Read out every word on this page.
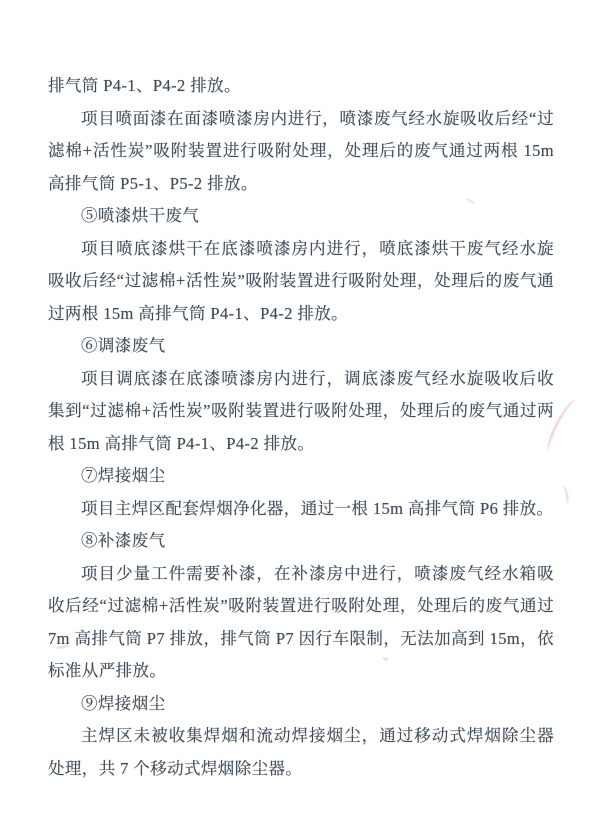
排气筒 P4-1、P4-2 排放。

项目喷面漆在面漆喷漆房内进行，喷漆废气经水旋吸收后经“过滤棉+活性炭”吸附装置进行吸附处理，处理后的废气通过两根 15m 高排气筒 P5-1、P5-2 排放。

⑤喷漆烘干废气

项目喷底漆烘干在底漆喷漆房内进行，喷底漆烘干废气经水旋吸收后经“过滤棉+活性炭”吸附装置进行吸附处理，处理后的废气通过两根 15m 高排气筒 P4-1、P4-2 排放。

⑥调漆废气

项目调底漆在底漆喷漆房内进行，调底漆废气经水旋吸收后收集到“过滤棉+活性炭”吸附装置进行吸附处理，处理后的废气通过两根 15m 高排气筒 P4-1、P4-2 排放。

⑦焊接烟尘

项目主焊区配套焊烟净化器，通过一根 15m 高排气筒 P6 排放。

⑧补漆废气

项目少量工件需要补漆，在补漆房中进行，喷漆废气经水箱吸收后经“过滤棉+活性炭”吸附装置进行吸附处理，处理后的废气通过 7m 高排气筒 P7 排放，排气筒 P7 因行车限制，无法加高到 15m，依标准从严排放。

⑨焊接烟尘

主焊区未被收集焊烟和流动焊接烟尘，通过移动式焊烟除尘器处理，共 7 个移动式焊烟除尘器。
